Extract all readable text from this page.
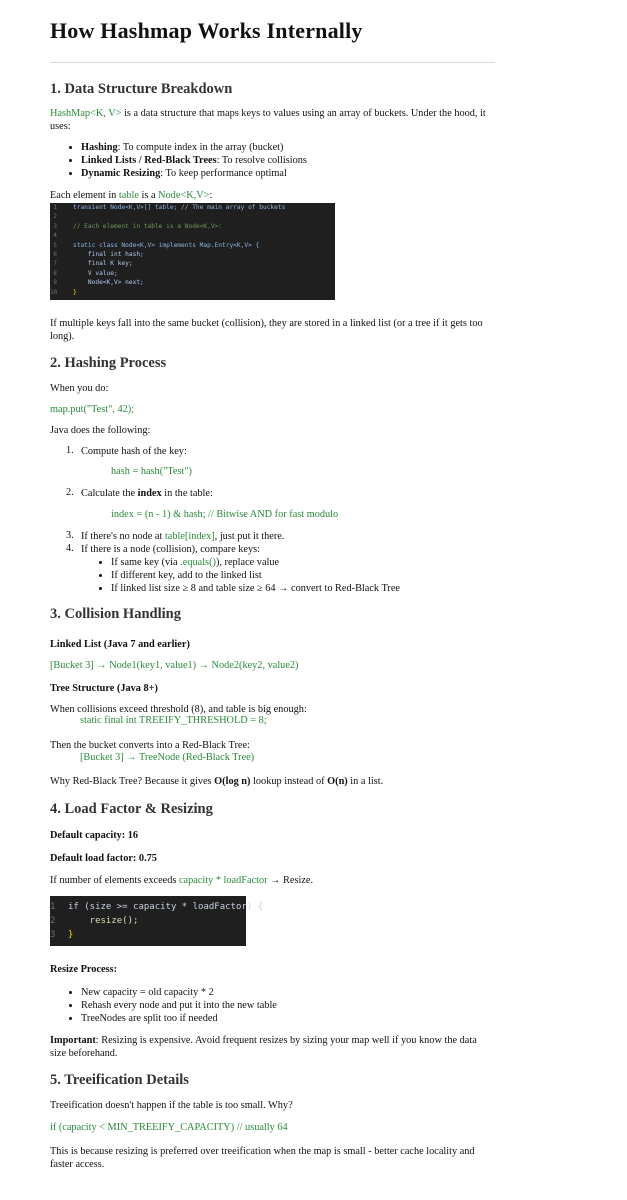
How Hashmap Works Internally
1. Data Structure Breakdown

HashMap<K, V> is a data structure that maps keys to values using an array of buckets. Under the hood, it uses:

• Hashing: To compute index in the array (bucket)
• Linked Lists / Red-Black Trees: To resolve collisions
• Dynamic Resizing: To keep performance optimal

Each element in table is a Node<K,V>:

1	transient Node<K,V>[] table; // The main array of buckets
2
3	// Each element in table is a Node<K,V>:
4
5	static class Node<K,V> implements Map.Entry<K,V> {
6	final int hash;
7	final K key;
8	V value;
9	Node<K,V> next;
10	}

If multiple keys fall into the same bucket (collision), they are stored in a linked list (or a tree if it gets too long).

2. Hashing Process

When you do:

map.put("Test", 42);

Java does the following:

1. Compute hash of the key:

hash = hash("Test")

2. Calculate the index in the table:

index = (n - 1) & hash; // Bitwise AND for fast modulo

3. If there's no node at table[index], just put it there.

4. If there is a node (collision), compare keys:

• If same key (via .equals()), replace value
• If different key, add to the linked list
• If linked list size ≥ 8 and table size ≥ 64 → convert to Red-Black Tree
3. Collision Handling

Linked List (Java 7 and earlier)

[Bucket 3] → Node1(key1, value1) → Node2(key2, value2)

Tree Structure (Java 8+)

When collisions exceed threshold (8), and table is big enough:

static final int TREEIFY_THRESHOLD = 8;

Then the bucket converts into a Red-Black Tree:

[Bucket 3] → TreeNode (Red-Black Tree)

Why Red-Black Tree? Because it gives O(log n) lookup instead of O(n) in a list.

4. Load Factor & Resizing

Default capacity: 16

Default load factor: 0.75

If number of elements exceeds capacity * loadFactor → Resize.

1	if (size >= capacity * loadFactor) {
2	resize();
3	}

Resize Process:

• New capacity = old capacity * 2
• Rehash every node and put it into the new table
• TreeNodes are split too if needed

Important: Resizing is expensive. Avoid frequent resizes by sizing your map well if you know the data size beforehand.

5. Treeification Details

Treeification doesn't happen if the table is too small. Why?

if (capacity < MIN_TREEIFY_CAPACITY) // usually 64

This is because resizing is preferred over treeification when the map is small - better cache locality and faster access.
